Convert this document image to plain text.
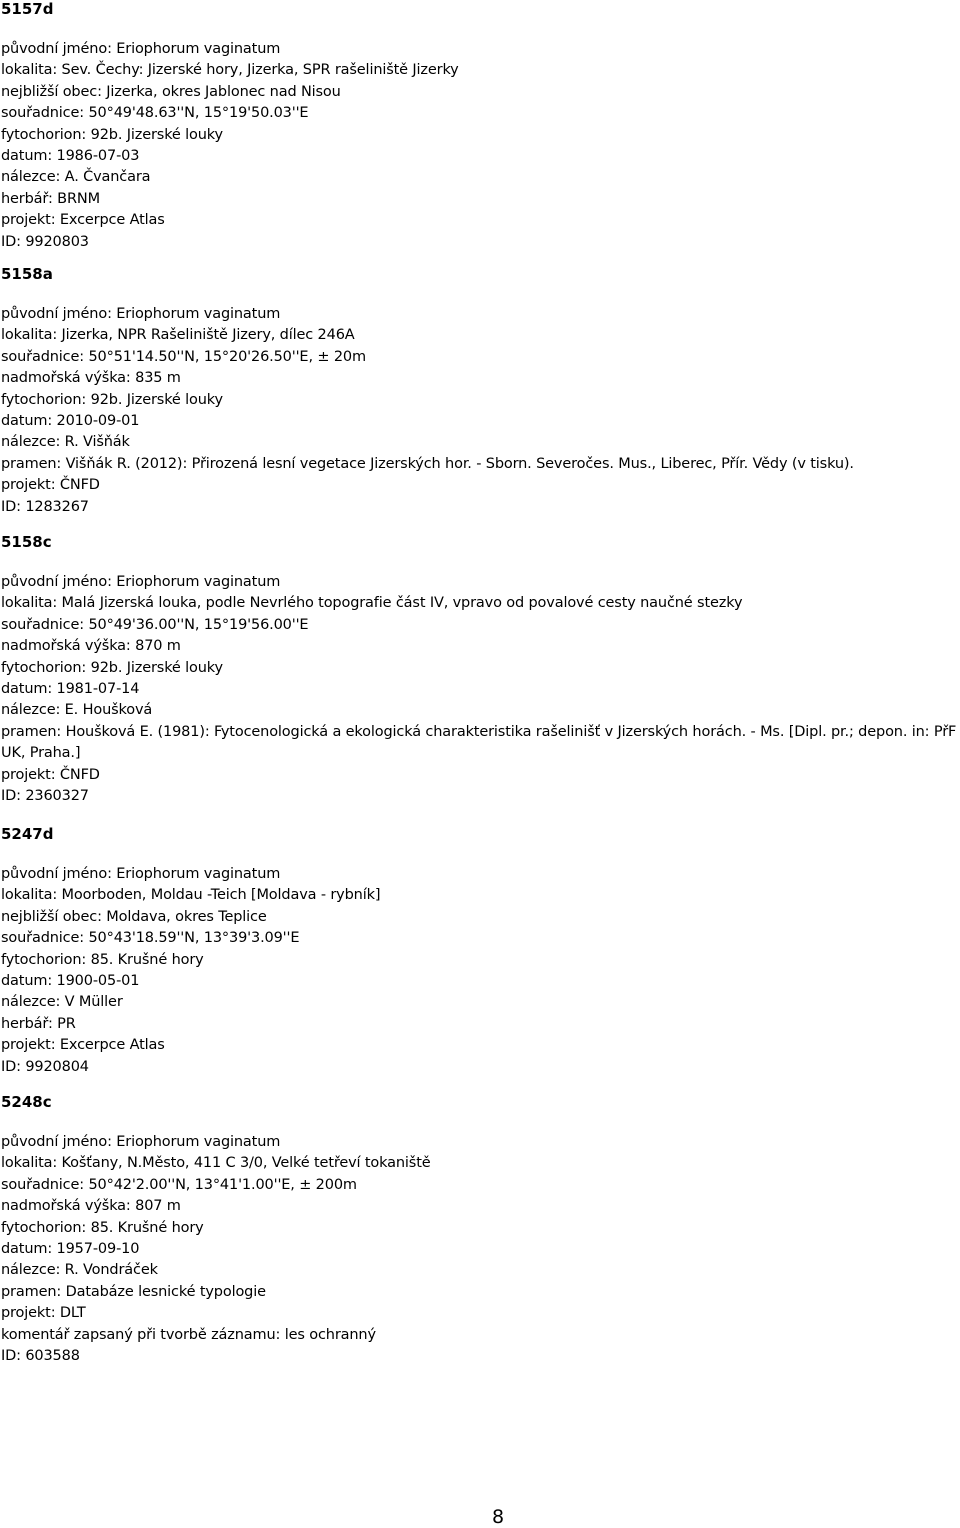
5157d
původní jméno: Eriophorum vaginatum
lokalita: Sev. Čechy: Jizerské hory, Jizerka, SPR rašeliniště Jizerky
nejbližší obec: Jizerka, okres Jablonec nad Nisou
souřadnice: 50°49'48.63''N, 15°19'50.03''E
fytochorion: 92b. Jizerské louky
datum: 1986-07-03
nálezce: A. Čvančara
herbář: BRNM
projekt: Excerpce Atlas
ID: 9920803
5158a
původní jméno: Eriophorum vaginatum
lokalita: Jizerka, NPR Rašeliniště Jizery, dílec 246A
souřadnice: 50°51'14.50''N, 15°20'26.50''E, ± 20m
nadmořská výška: 835 m
fytochorion: 92b. Jizerské louky
datum: 2010-09-01
nálezce: R. Višňák
pramen: Višňák R. (2012): Přirozená lesní vegetace Jizerských hor. - Sborn. Severočes. Mus., Liberec, Přír. Vědy (v tisku).
projekt: ČNFD
ID: 1283267
5158c
původní jméno: Eriophorum vaginatum
lokalita: Malá Jizerská louka, podle Nevrlého topografie část IV, vpravo od povalové cesty naučné stezky
souřadnice: 50°49'36.00''N, 15°19'56.00''E
nadmořská výška: 870 m
fytochorion: 92b. Jizerské louky
datum: 1981-07-14
nálezce: E. Houšková
pramen: Houšková E. (1981): Fytocenologická a ekologická charakteristika rašelinišť v Jizerských horách. - Ms. [Dipl. pr.; depon. in: PřF UK, Praha.]
projekt: ČNFD
ID: 2360327
5247d
původní jméno: Eriophorum vaginatum
lokalita: Moorboden, Moldau -Teich [Moldava - rybník]
nejbližší obec: Moldava, okres Teplice
souřadnice: 50°43'18.59''N, 13°39'3.09''E
fytochorion: 85. Krušné hory
datum: 1900-05-01
nálezce: V Müller
herbář: PR
projekt: Excerpce Atlas
ID: 9920804
5248c
původní jméno: Eriophorum vaginatum
lokalita: Košťany, N.Město, 411 C 3/0, Velké tetřeví tokaniště
souřadnice: 50°42'2.00''N, 13°41'1.00''E, ± 200m
nadmořská výška: 807 m
fytochorion: 85. Krušné hory
datum: 1957-09-10
nálezce: R. Vondráček
pramen: Databáze lesnické typologie
projekt: DLT
komentář zapsaný při tvorbě záznamu: les ochranný
ID: 603588
8
